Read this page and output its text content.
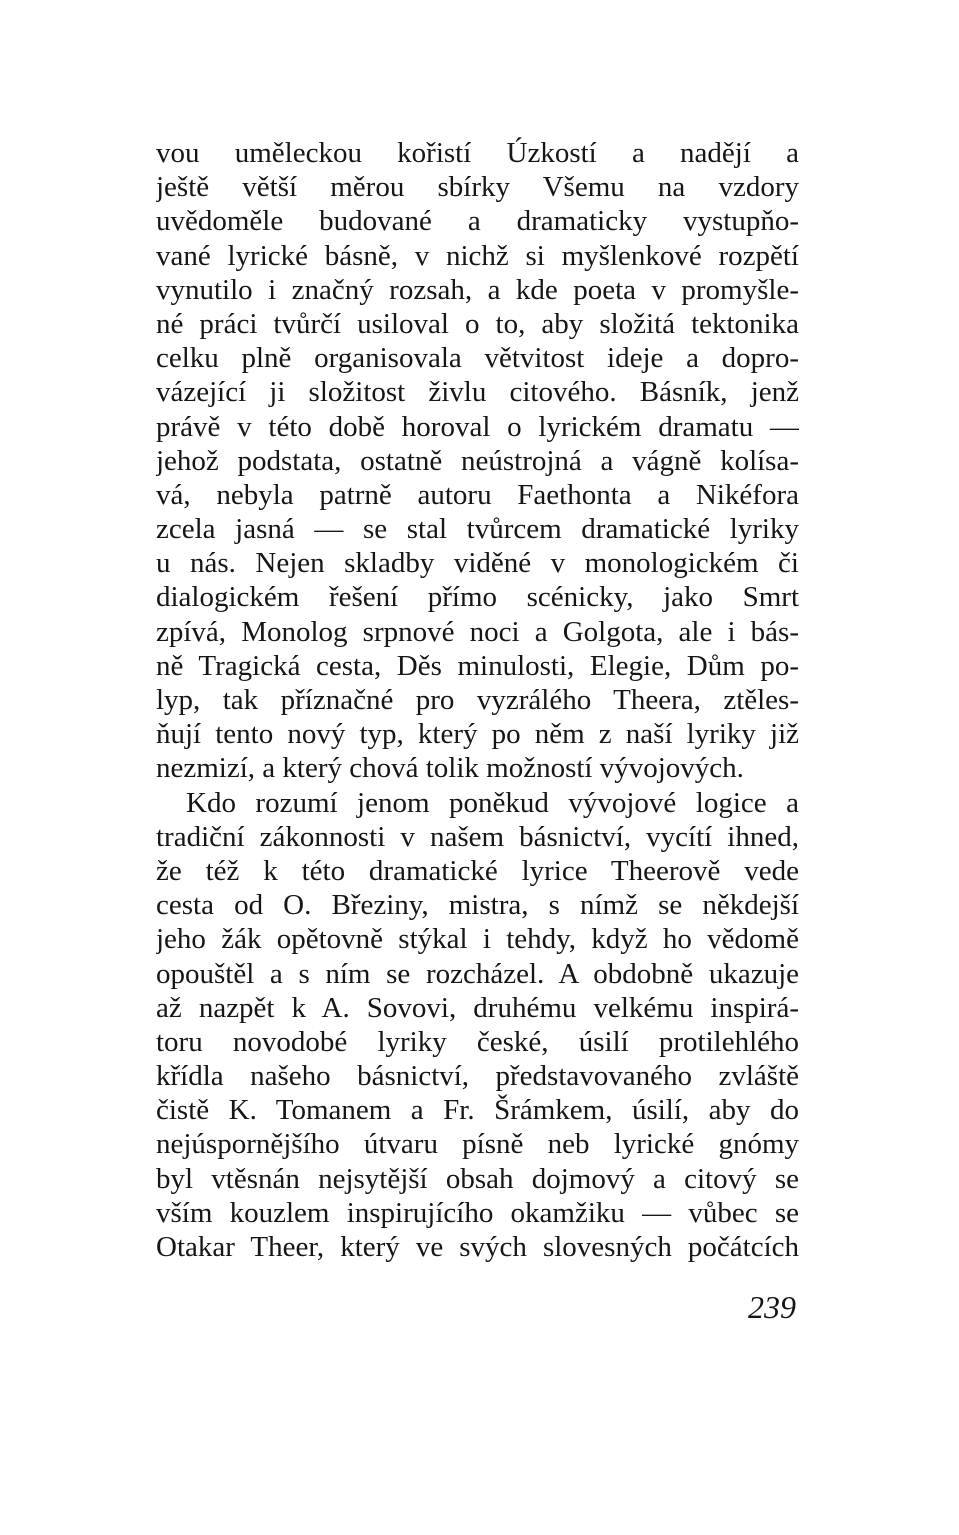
vou uměleckou kořistí Úzkostí a nadějí a
ještě větší měrou sbírky Všemu na vzdory
uvědoměle budované a dramaticky vystupňo-
vané lyrické básně, v nichž si myšlenkové rozpětí
vynutilo i značný rozsah, a kde poeta v promyšle-
né práci tvůrčí usiloval o to, aby složitá tektonika
celku plně organisovala větvitost ideje a dopro-
vázející ji složitost živlu citového. Básník, jenž
právě v této době horoval o lyrickém dramatu —
jehož podstata, ostatně neústrojná a vágně kolísa-
vá, nebyla patrně autoru Faethonta a Nikéfora
zcela jasná — se stal tvůrcem dramatické lyriky
u nás. Nejen skladby viděné v monologickém či
dialogickém řešení přímo scénicky, jako Smrt
zpívá, Monolog srpnové noci a Golgota, ale i bás-
ně Tragická cesta, Děs minulosti, Elegie, Dům po-
lyp, tak příznačné pro vyzrálého Theera, ztěles-
ňují tento nový typ, který po něm z naší lyriky již
nezmizí, a který chová tolik možností vývojových.
Kdo rozumí jenom poněkud vývojové logice a
tradiční zákonnosti v našem básnictví, vycítí ihned,
že též k této dramatické lyrice Theerově vede
cesta od O. Březiny, mistra, s nímž se někdejší
jeho žák opětovně stýkal i tehdy, když ho vědomě
opouštěl a s ním se rozcházel. A obdobně ukazuje
až nazpět k A. Sovovi, druhému velkému inspirá-
toru novodobé lyriky české, úsilí protilehlého
křídla našeho básnictví, představovaného zvláště
čistě K. Tomanem a Fr. Šrámkem, úsilí, aby do
nejúspornějšího útvaru písně neb lyrické gnómy
byl vtěsnán nejsytější obsah dojmový a citový se
vším kouzlem inspirujícího okamžiku — vůbec se
Otakar Theer, který ve svých slovesných počátcích
239
